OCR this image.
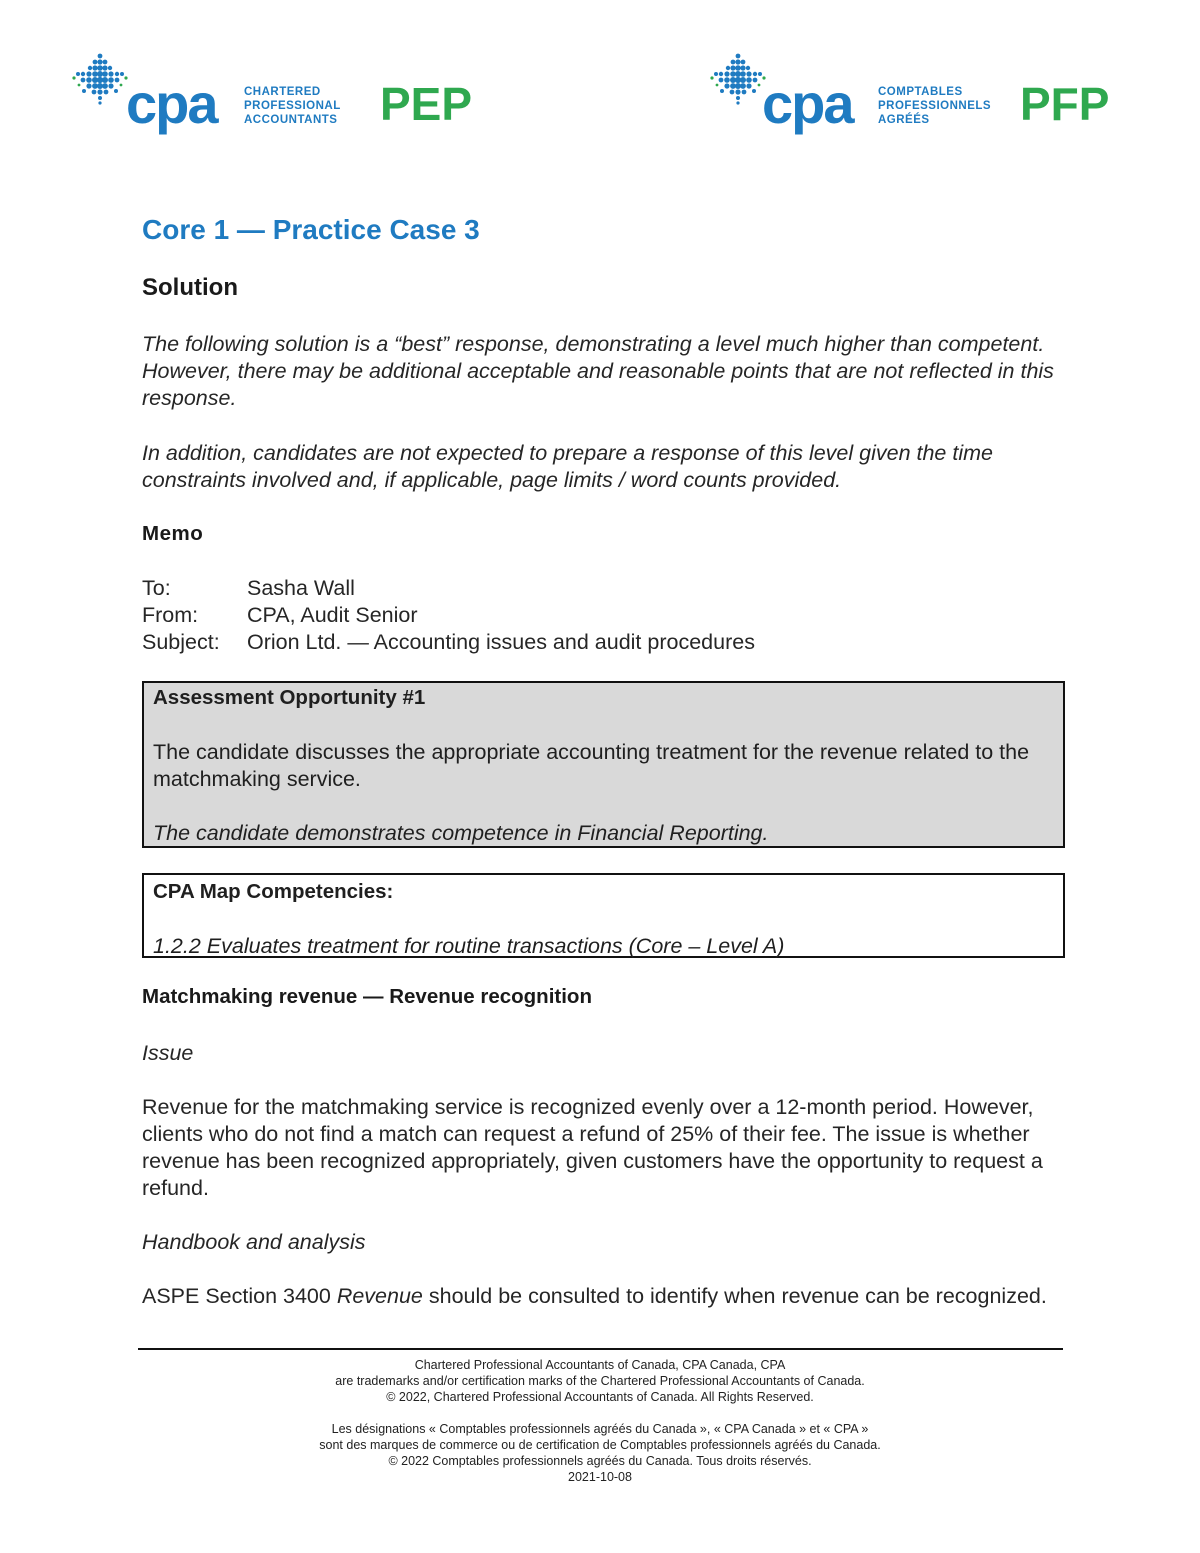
cpa CHARTERED
PROFESSIONAL
ACCOUNTANTS PEP	cpa COMPTABLES
PROFESSIONNELS
AGRÉÉS	PFP
Core 1 — Practice Case 3
Solution

The following solution is a “best” response, demonstrating a level much higher than competent. However, there may be additional acceptable and reasonable points that are not reflected in this response.

In addition, candidates are not expected to prepare a response of this level given the time constraints involved and, if applicable, page limits / word counts provided.

Memo
To:	Sasha Wall
From: CPA, Audit Senior
Subject: Orion Ltd. — Accounting issues and audit procedures

Assessment Opportunity #1

The candidate discusses the appropriate accounting treatment for the revenue related to the matchmaking service.

The candidate demonstrates competence in Financial Reporting.

CPA Map Competencies:

1.2.2 Evaluates treatment for routine transactions (Core – Level A)

Matchmaking revenue — Revenue recognition

Issue

Revenue for the matchmaking service is recognized evenly over a 12-month period. However, clients who do not find a match can request a refund of 25% of their fee. The issue is whether revenue has been recognized appropriately, given customers have the opportunity to request a refund.

Handbook and analysis

ASPE Section 3400 Revenue should be consulted to identify when revenue can be recognized.

Chartered Professional Accountants of Canada, CPA Canada, CPA
are trademarks and/or certification marks of the Chartered Professional Accountants of Canada.
© 2022, Chartered Professional Accountants of Canada. All Rights Reserved.
Les désignations « Comptables professionnels agréés du Canada », « CPA Canada » et « CPA »
sont des marques de commerce ou de certification de Comptables professionnels agréés du Canada.
© 2022 Comptables professionnels agréés du Canada. Tous droits réservés.
2021-10-08
